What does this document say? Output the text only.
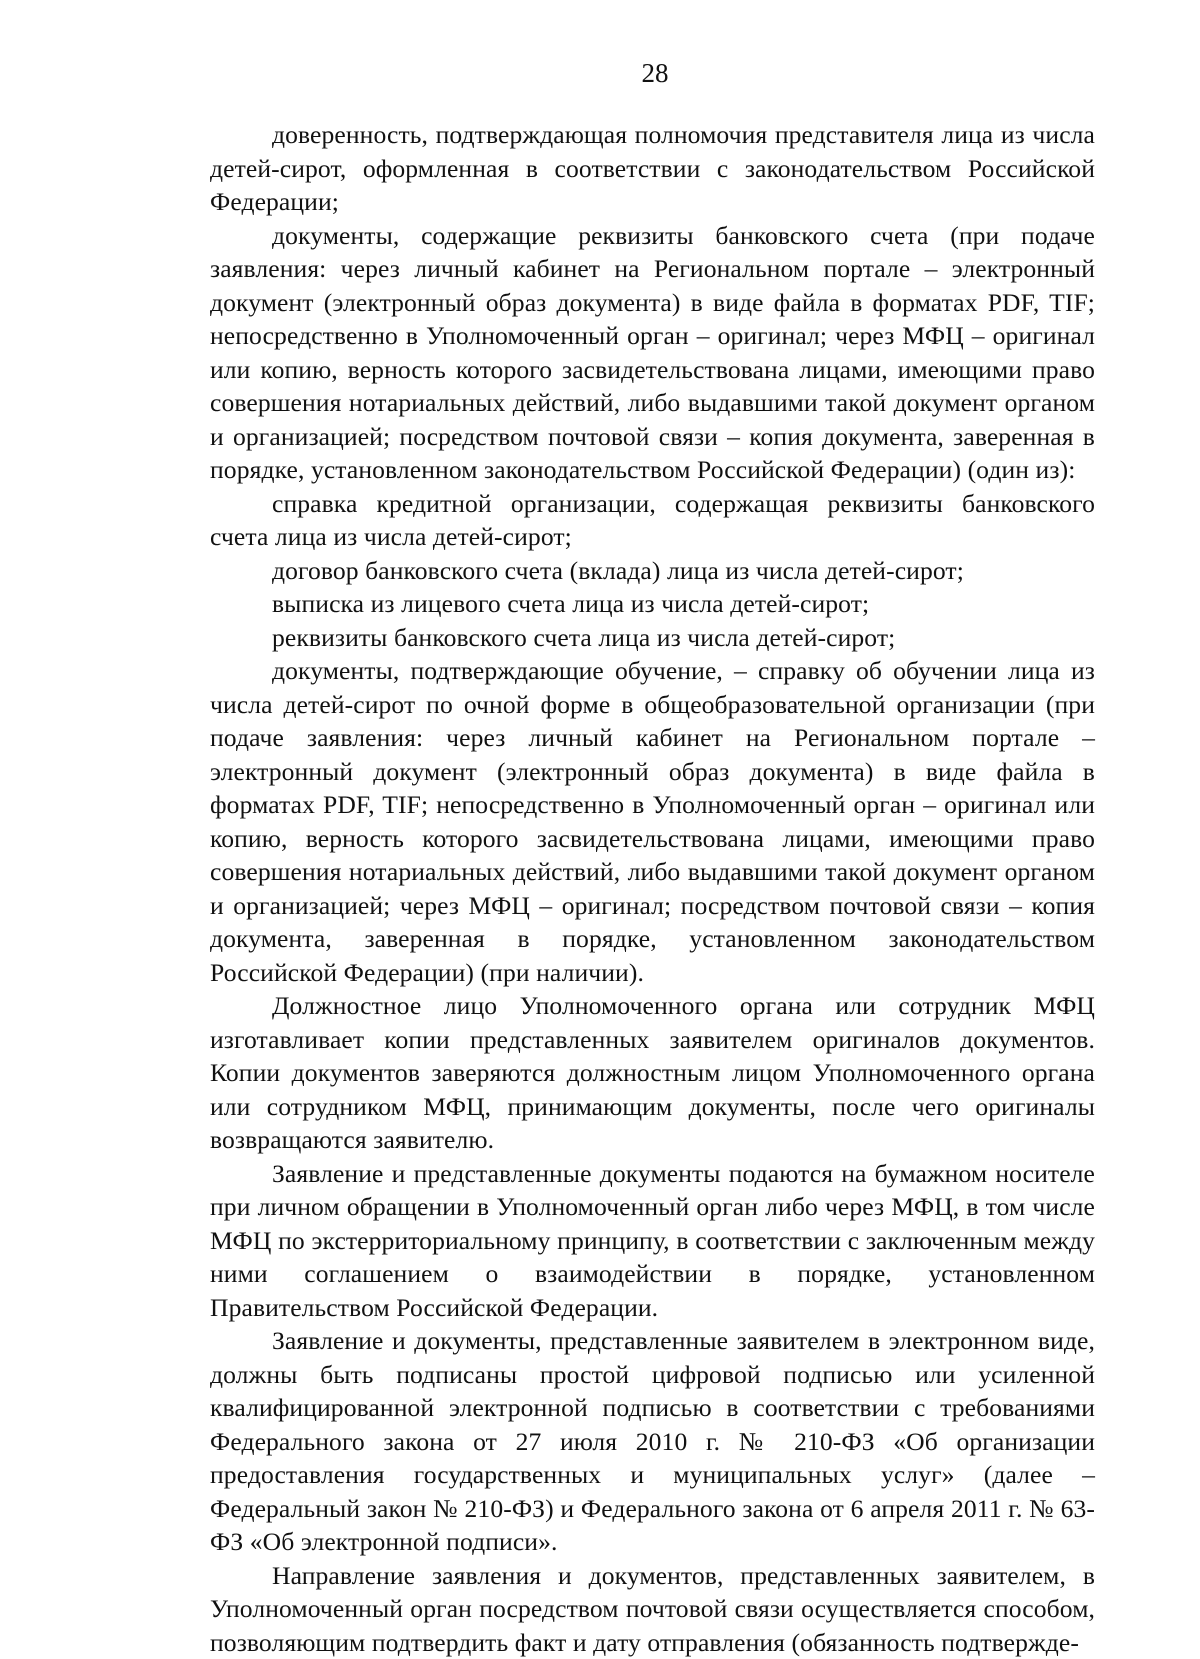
28

доверенность, подтверждающая полномочия представителя лица из числа детей-сирот, оформленная в соответствии с законодательством Российской Федерации;

документы, содержащие реквизиты банковского счета (при подаче заявления: через личный кабинет на Региональном портале – электронный документ (электронный образ документа) в виде файла в форматах PDF, TIF; непосредственно в Уполномоченный орган – оригинал; через МФЦ – оригинал или копию, верность которого засвидетельствована лицами, имеющими право совершения нотариальных действий, либо выдавшими такой документ органом и организацией; посредством почтовой связи – копия документа, заверенная в порядке, установленном законодательством Российской Федерации) (один из):

справка кредитной организации, содержащая реквизиты банковского счета лица из числа детей-сирот;

договор банковского счета (вклада) лица из числа детей-сирот;

выписка из лицевого счета лица из числа детей-сирот;

реквизиты банковского счета лица из числа детей-сирот;

документы, подтверждающие обучение, – справку об обучении лица из числа детей-сирот по очной форме в общеобразовательной организации (при подаче заявления: через личный кабинет на Региональном портале – электронный документ (электронный образ документа) в виде файла в форматах PDF, TIF; непосредственно в Уполномоченный орган – оригинал или копию, верность которого засвидетельствована лицами, имеющими право совершения нотариальных действий, либо выдавшими такой документ органом и организацией; через МФЦ – оригинал; посредством почтовой связи – копия документа, заверенная в порядке, установленном законодательством Российской Федерации) (при наличии).

Должностное лицо Уполномоченного органа или сотрудник МФЦ изготавливает копии представленных заявителем оригиналов документов. Копии документов заверяются должностным лицом Уполномоченного органа или сотрудником МФЦ, принимающим документы, после чего оригиналы возвращаются заявителю.

Заявление и представленные документы подаются на бумажном носителе при личном обращении в Уполномоченный орган либо через МФЦ, в том числе МФЦ по экстерриториальному принципу, в соответствии с заключенным между ними соглашением о взаимодействии в порядке, установленном Правительством Российской Федерации.

Заявление и документы, представленные заявителем в электронном виде, должны быть подписаны простой цифровой подписью или усиленной квалифицированной электронной подписью в соответствии с требованиями Федерального закона от 27 июля 2010 г. № 210-ФЗ «Об организации предоставления государственных и муниципальных услуг» (далее – Федеральный закон № 210-ФЗ) и Федерального закона от 6 апреля 2011 г. № 63-ФЗ «Об электронной подписи».

Направление заявления и документов, представленных заявителем, в Уполномоченный орган посредством почтовой связи осуществляется способом, позволяющим подтвердить факт и дату отправления (обязанность подтвержде-
